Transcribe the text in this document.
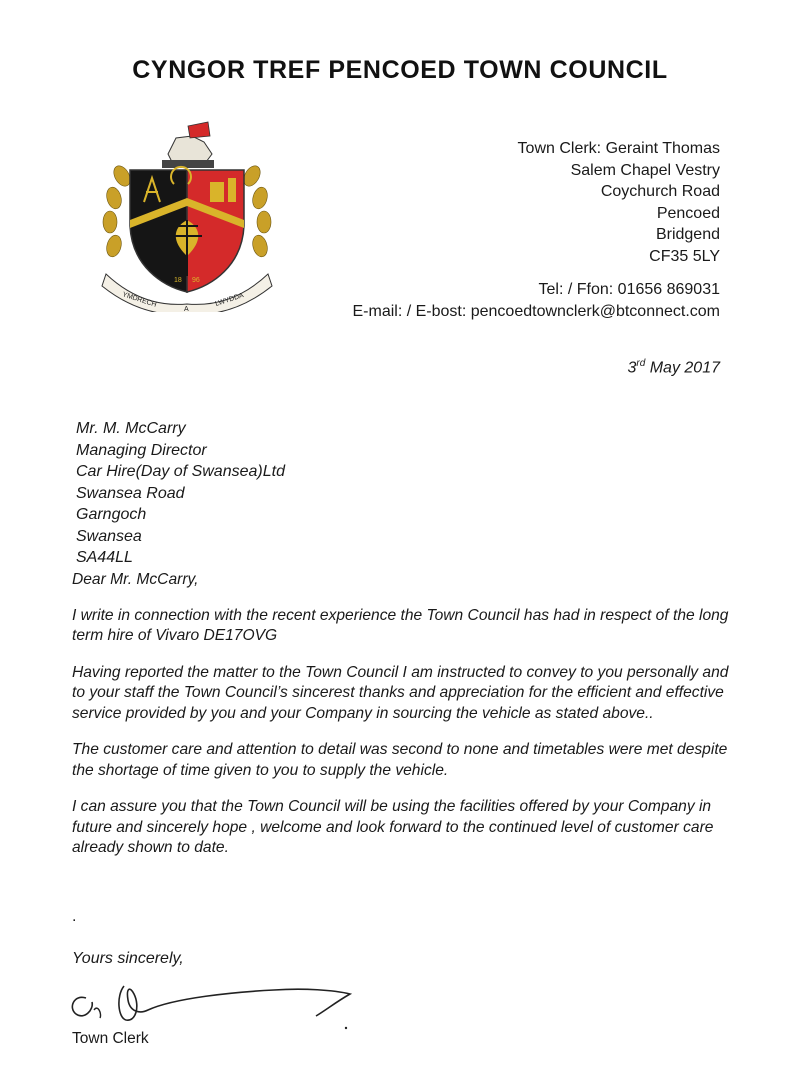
CYNGOR TREF PENCOED TOWN COUNCIL
18 96
YMDRECH
A
LWYDDA
Town Clerk: Geraint Thomas
Salem Chapel Vestry
Coychurch Road
Pencoed
Bridgend
CF35 5LY
Tel: / Ffon: 01656 869031
E-mail: / E-bost: pencoedtownclerk@btconnect.com
3rd May 2017
Mr. M. McCarry
Managing Director
Car Hire(Day of Swansea)Ltd
Swansea Road
Garngoch
Swansea
SA44LL

Dear Mr. McCarry,

I write in connection with the recent experience the Town Council has had in respect of the long term hire of Vivaro DE17OVG

Having reported the matter to the Town Council I am instructed to convey to you personally and to your staff the Town Council’s sincerest thanks and appreciation for the efficient and effective service provided by you and your Company in sourcing the vehicle as stated above..

The customer care and attention to detail was second to none and timetables were met despite the shortage of time given to you to supply the vehicle.

I can assure you that the Town Council will be using the facilities offered by your Company in future and sincerely hope , welcome and look forward to the continued level of customer care already shown to date.

.
Yours sincerely,
Town Clerk
